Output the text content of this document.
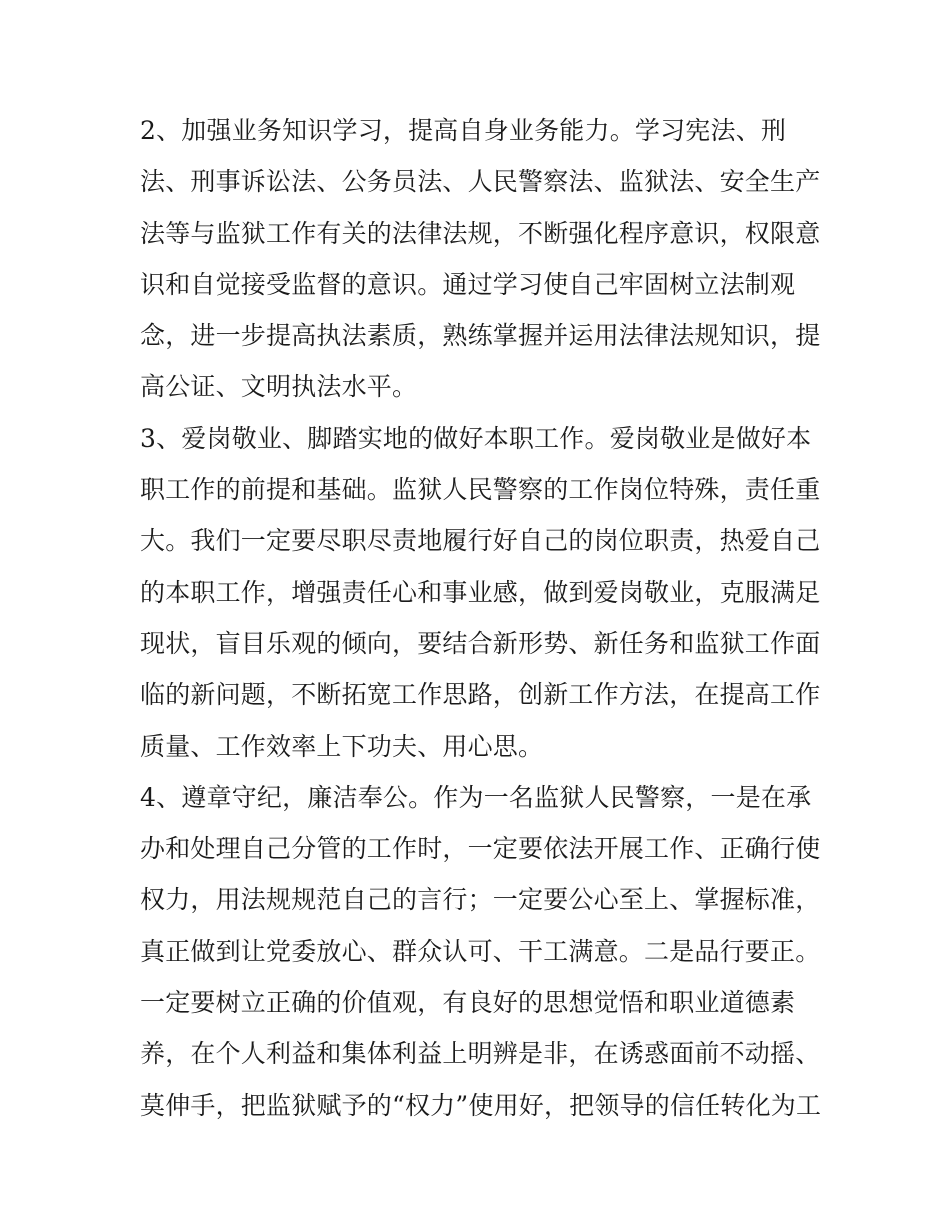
2、加强业务知识学习，提高自身业务能力。学习宪法、刑
法、刑事诉讼法、公务员法、人民警察法、监狱法、安全生产
法等与监狱工作有关的法律法规，不断强化程序意识，权限意
识和自觉接受监督的意识。通过学习使自己牢固树立法制观
念，进一步提高执法素质，熟练掌握并运用法律法规知识，提
高公证、文明执法水平。
3、爱岗敬业、脚踏实地的做好本职工作。爱岗敬业是做好本
职工作的前提和基础。监狱人民警察的工作岗位特殊，责任重
大。我们一定要尽职尽责地履行好自己的岗位职责，热爱自己
的本职工作，增强责任心和事业感，做到爱岗敬业，克服满足
现状，盲目乐观的倾向，要结合新形势、新任务和监狱工作面
临的新问题，不断拓宽工作思路，创新工作方法，在提高工作
质量、工作效率上下功夫、用心思。
4、遵章守纪，廉洁奉公。作为一名监狱人民警察，一是在承
办和处理自己分管的工作时，一定要依法开展工作、正确行使
权力，用法规规范自己的言行；一定要公心至上、掌握标准，
真正做到让党委放心、群众认可、干工满意。二是品行要正。
一定要树立正确的价值观，有良好的思想觉悟和职业道德素
养，在个人利益和集体利益上明辨是非，在诱惑面前不动摇、
莫伸手，把监狱赋予的“权力”使用好，把领导的信任转化为工
